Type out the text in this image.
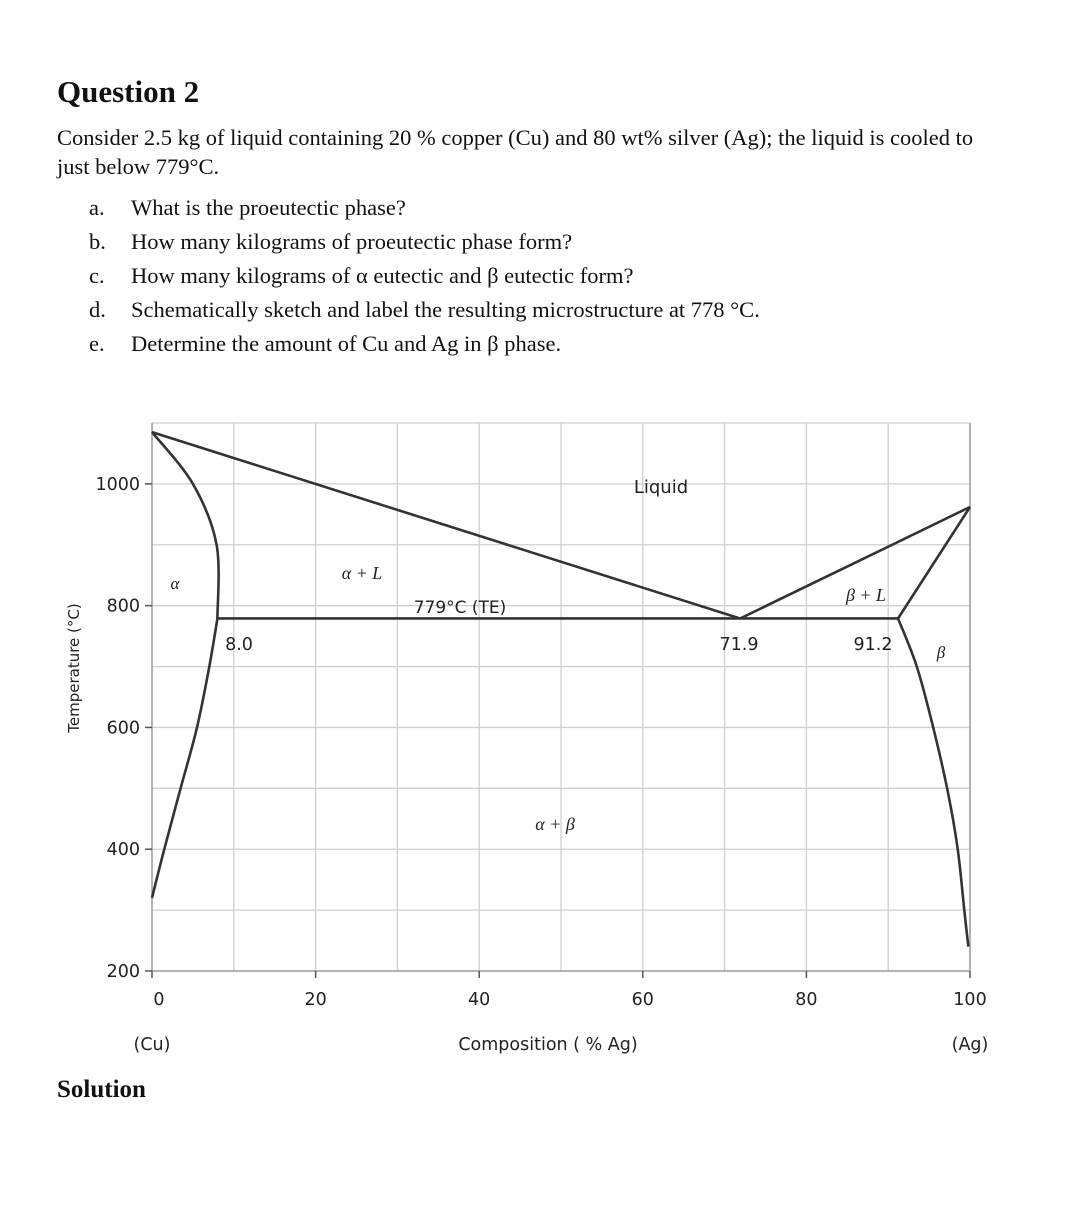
Question 2
Consider 2.5 kg of liquid containing 20 % copper (Cu) and 80 wt% silver (Ag); the liquid is cooled to just below 779°C.
a. What is the proeutectic phase?
b. How many kilograms of proeutectic phase form?
c. How many kilograms of α eutectic and β eutectic form?
d. Schematically sketch and label the resulting microstructure at 778 °C.
e. Determine the amount of Cu and Ag in β phase.
200
400
600
800
1000
0	20	40	60	80	100
Temperature (°C)
Composition ( % Ag)
(Cu)	(Ag)
Liquid
α
α + L
β + L
β
α + β
779°C (TE)
8.0	71.9	91.2
Solution
